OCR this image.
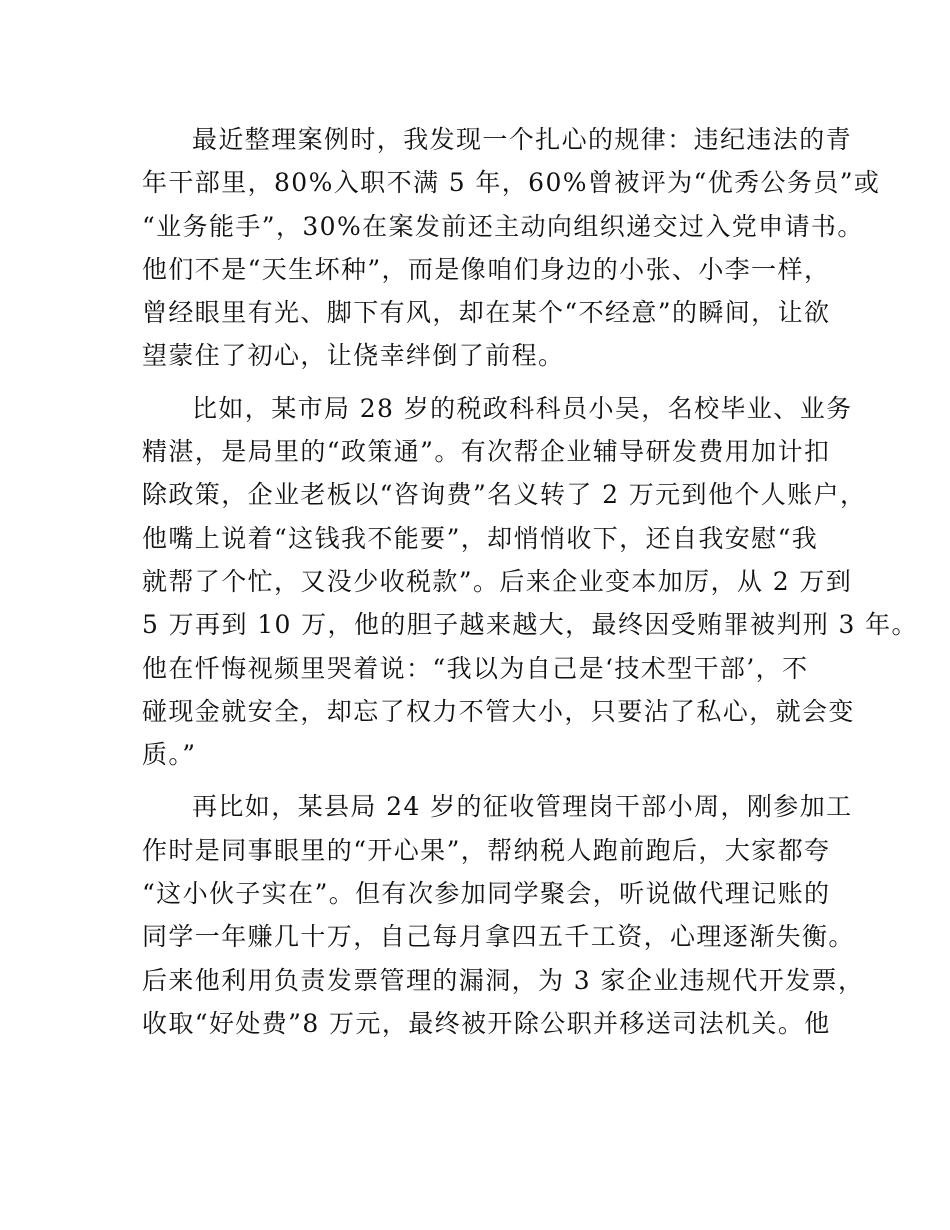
最近整理案例时，我发现一个扎心的规律：违纪违法的青
年干部里，80%入职不满 5 年，60%曾被评为“优秀公务员”或
“业务能手”，30%在案发前还主动向组织递交过入党申请书。
他们不是“天生坏种”，而是像咱们身边的小张、小李一样，
曾经眼里有光、脚下有风，却在某个“不经意”的瞬间，让欲
望蒙住了初心，让侥幸绊倒了前程。
比如，某市局 28 岁的税政科科员小吴，名校毕业、业务
精湛，是局里的“政策通”。有次帮企业辅导研发费用加计扣
除政策，企业老板以“咨询费”名义转了 2 万元到他个人账户，
他嘴上说着“这钱我不能要”，却悄悄收下，还自我安慰“我
就帮了个忙，又没少收税款”。后来企业变本加厉，从 2 万到
5 万再到 10 万，他的胆子越来越大，最终因受贿罪被判刑 3 年。
他在忏悔视频里哭着说：“我以为自己是‘技术型干部’，不
碰现金就安全，却忘了权力不管大小，只要沾了私心，就会变
质。”
再比如，某县局 24 岁的征收管理岗干部小周，刚参加工
作时是同事眼里的“开心果”，帮纳税人跑前跑后，大家都夸
“这小伙子实在”。但有次参加同学聚会，听说做代理记账的
同学一年赚几十万，自己每月拿四五千工资，心理逐渐失衡。
后来他利用负责发票管理的漏洞，为 3 家企业违规代开发票，
收取“好处费”8 万元，最终被开除公职并移送司法机关。他
